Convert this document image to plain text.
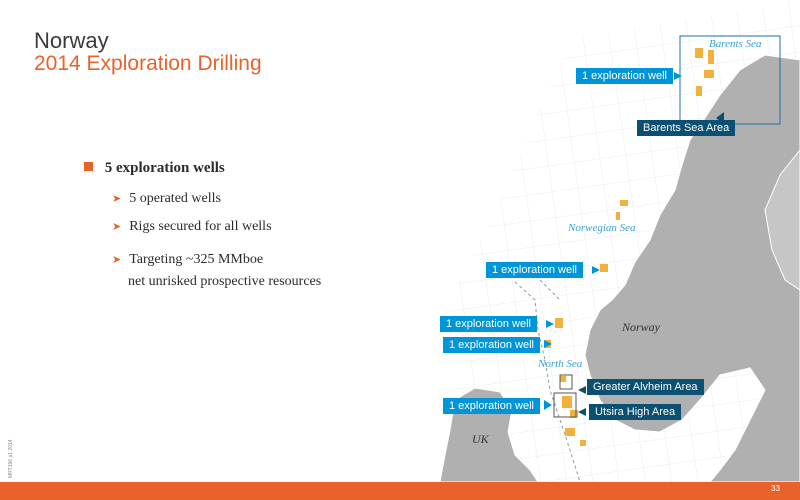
Norway
2014 Exploration Drilling
5 exploration wells
➤ 5 operated wells
➤ Rigs secured for all wells
➤ Targeting ~325 MMboe
net unrisked prospective resources
Barents Sea
Norwegian Sea
North Sea
Norway
UK
1 exploration well
Barents Sea Area
1 exploration well
1 exploration well
1 exploration well
Greater Alvheim Area
1 exploration well	Utsira High Area
MRT196 p1 2014
33
